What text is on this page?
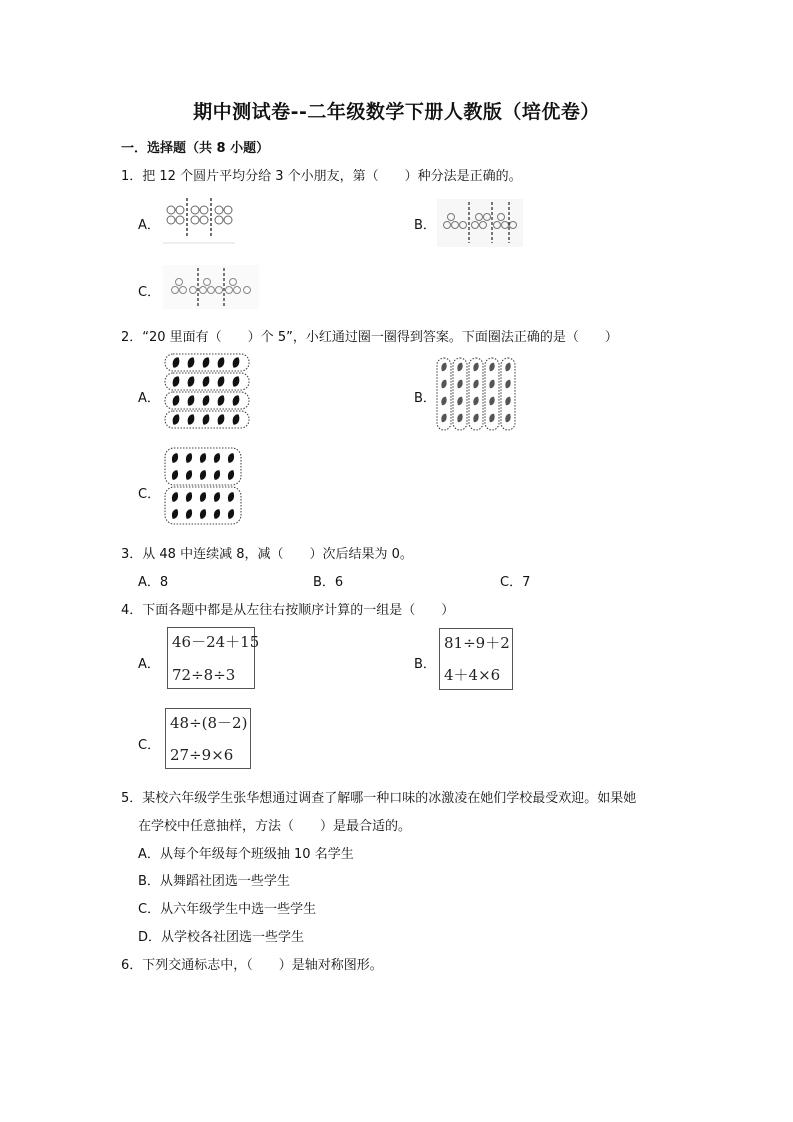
期中测试卷--二年级数学下册人教版（培优卷）
一．选择题（共 8 小题）
1．把 12 个圆片平均分给 3 个小朋友，第（　　）种分法是正确的。
A．	B．
C．
2．“20 里面有（　　）个 5”，小红通过圈一圈得到答案。下面圈法正确的是（　　）
A．	B．
C．
3．从 48 中连续减 8，减（　　）次后结果为 0。
A．8	B．6	C．7
4．下面各题中都是从左往右按顺序计算的一组是（　　）
A．
46－24＋15
72÷8÷3
B．
81÷9＋2
4＋4×6
C．
48÷(8－2)
27÷9×6
5．某校六年级学生张华想通过调查了解哪一种口味的冰激凌在她们学校最受欢迎。如果她
在学校中任意抽样，方法（　　）是最合适的。
A．从每个年级每个班级抽 10 名学生
B．从舞蹈社团选一些学生
C．从六年级学生中选一些学生
D．从学校各社团选一些学生
6．下列交通标志中，（　　）是轴对称图形。
